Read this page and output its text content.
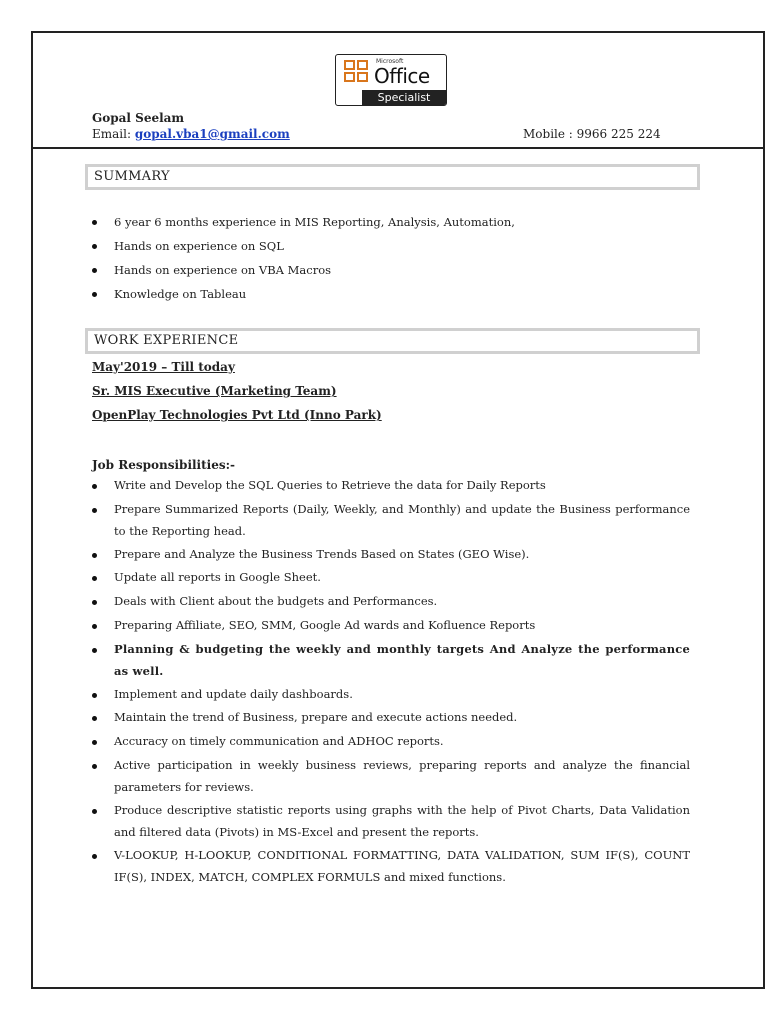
Microsoft
Office
Specialist
Gopal Seelam
Email: gopal.vba1@gmail.com	Mobile : 9966 225 224
SUMMARY
6 year 6 months experience in MIS Reporting, Analysis, Automation,
Hands on experience on SQL
Hands on experience on VBA Macros
Knowledge on Tableau
WORK EXPERIENCE
May'2019 – Till today
Sr. MIS Executive (Marketing Team)
OpenPlay Technologies Pvt Ltd (Inno Park)
Job Responsibilities:-
Write and Develop the SQL Queries to Retrieve the data for Daily Reports
Prepare Summarized Reports (Daily, Weekly, and Monthly) and update the Business performance to the Reporting head.
Prepare and Analyze the Business Trends Based on States (GEO Wise).
Update all reports in Google Sheet.
Deals with Client about the budgets and Performances.
Preparing Affiliate, SEO, SMM, Google Ad wards and Kofluence Reports
Planning & budgeting the weekly and monthly targets And Analyze the performance as well.
Implement and update daily dashboards.
Maintain the trend of Business, prepare and execute actions needed.
Accuracy on timely communication and ADHOC reports.
Active participation in weekly business reviews, preparing reports and analyze the financial parameters for reviews.
Produce descriptive statistic reports using graphs with the help of Pivot Charts, Data Validation and filtered data (Pivots) in MS-Excel and present the reports.
V-LOOKUP, H-LOOKUP, CONDITIONAL FORMATTING, DATA VALIDATION, SUM IF(S), COUNT IF(S), INDEX, MATCH, COMPLEX FORMULS and mixed functions.
